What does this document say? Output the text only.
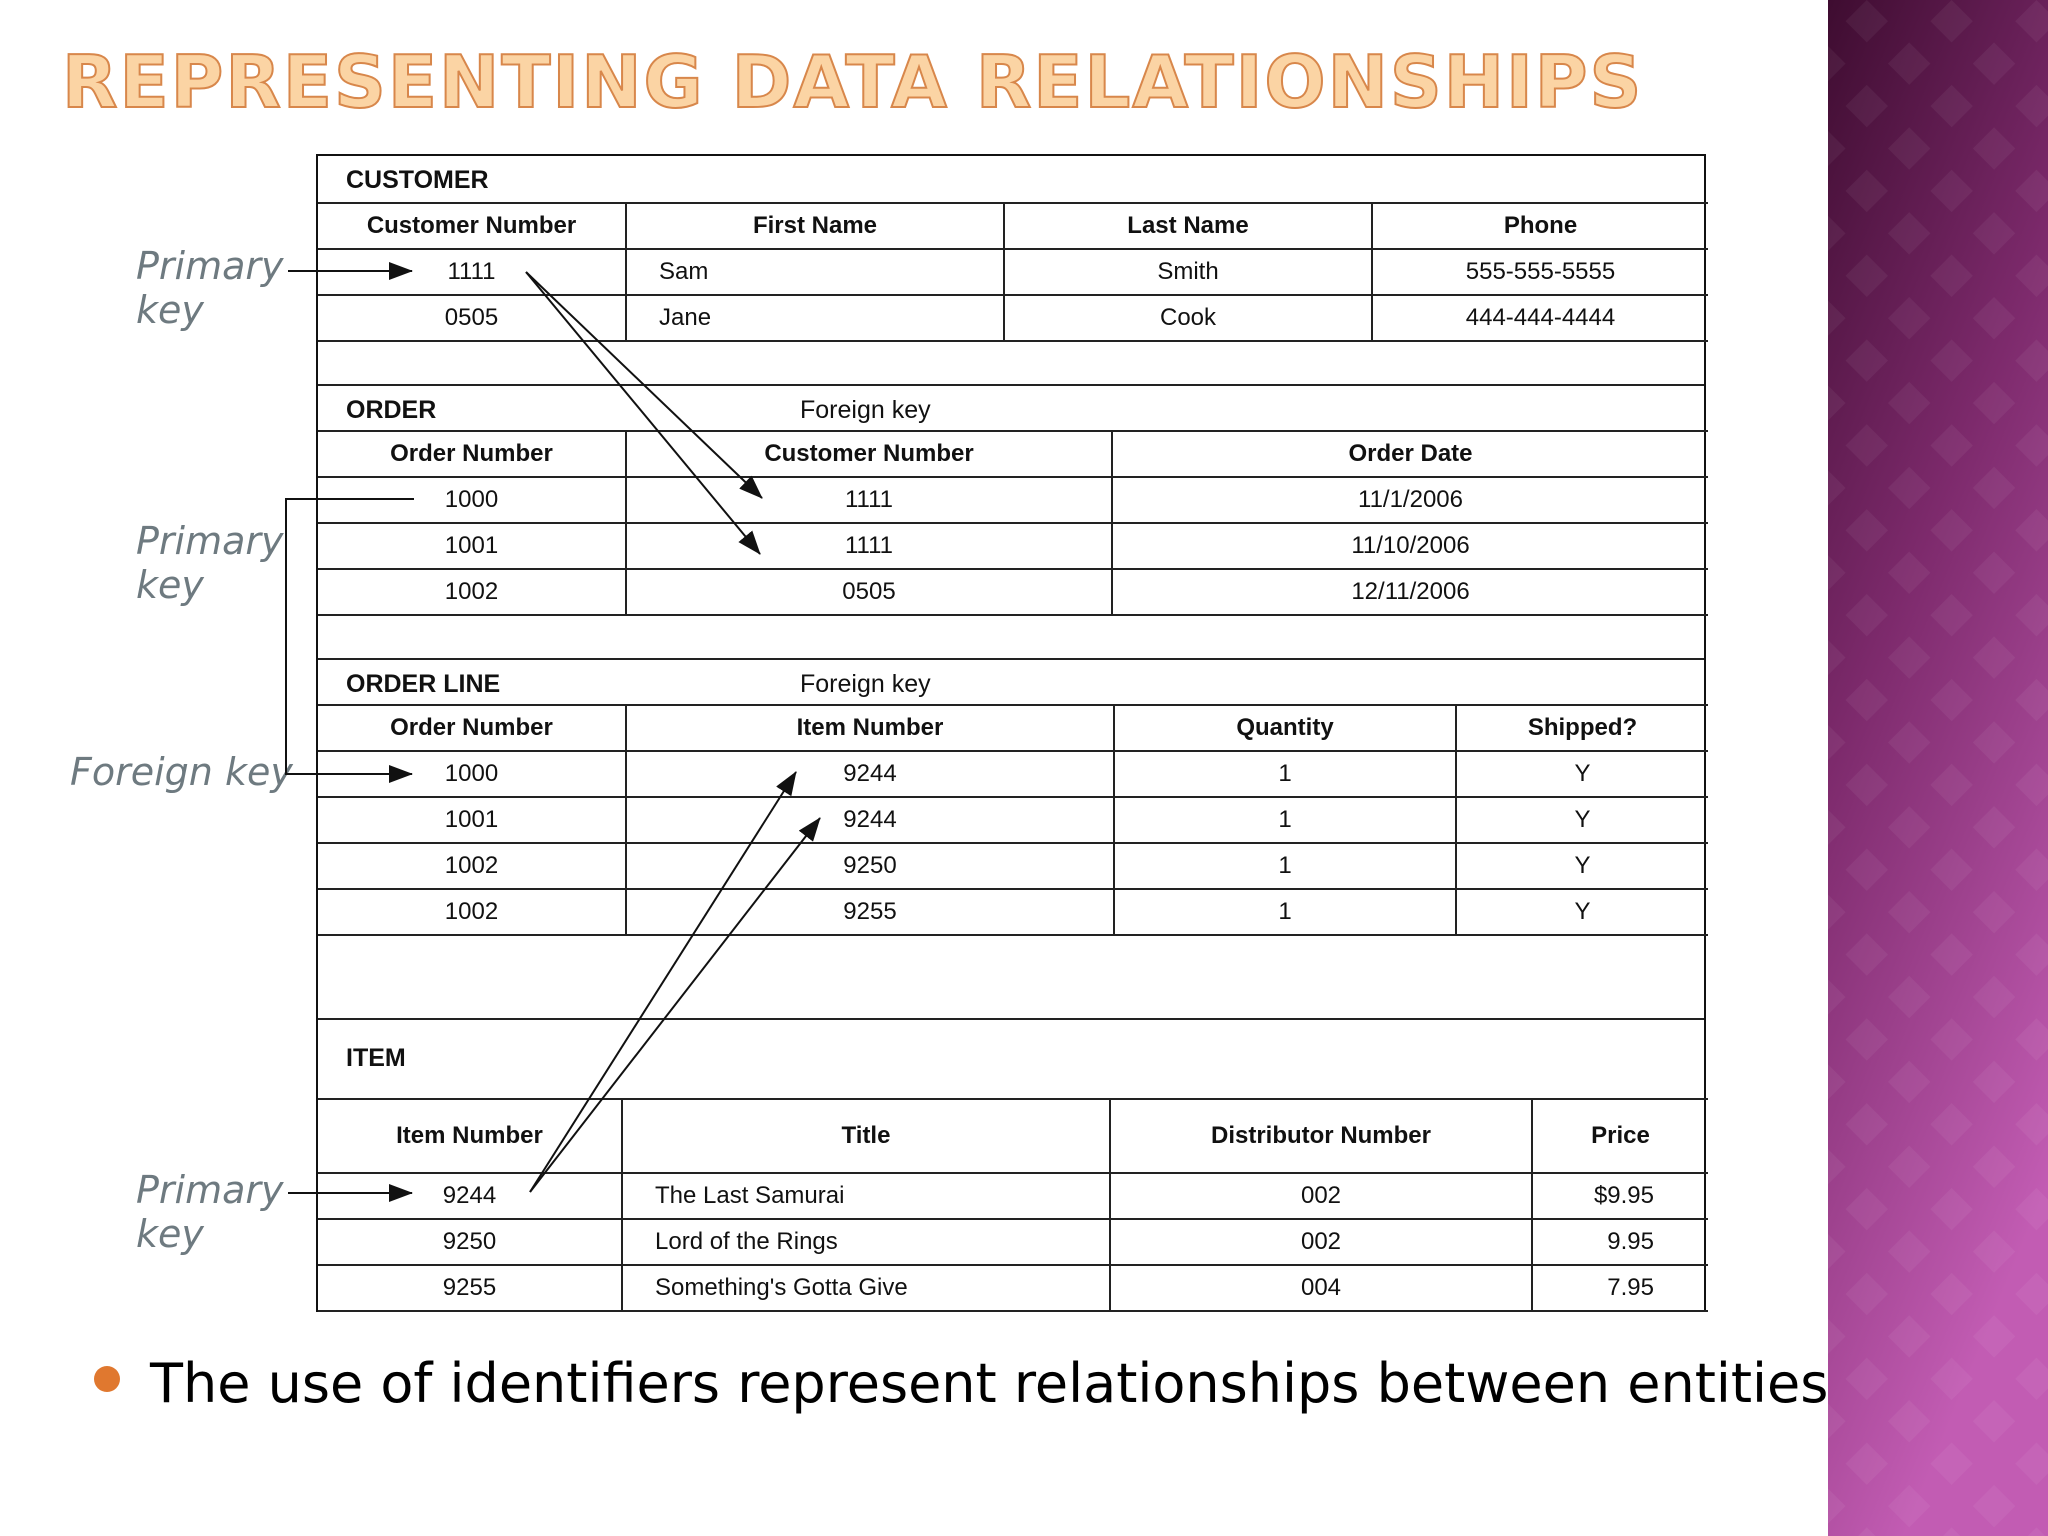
REPRESENTING DATA RELATIONSHIPS
Primary
key
Primary
key
Foreign key
Primary
key
CUSTOMER
Customer Number	First Name	Last Name	Phone
1111	Sam	Smith	555-555-5555
0505	Jane	Cook	444-444-4444
ORDER	Foreign key
Order Number	Customer Number	Order Date
1000	1111	11/1/2006
1001	1111	11/10/2006
1002	0505	12/11/2006
ORDER LINE	Foreign key
Order Number	Item Number	Quantity	Shipped?
1000	9244	1	Y
1001	9244	1	Y
1002	9250	1	Y
1002	9255	1	Y
ITEM
Item Number	Title	Distributor Number	Price
9244	The Last Samurai	002	$9.95
9250	Lord of the Rings	002	9.95
9255	Something's Gotta Give	004	7.95
The use of identifiers represent relationships between entities
